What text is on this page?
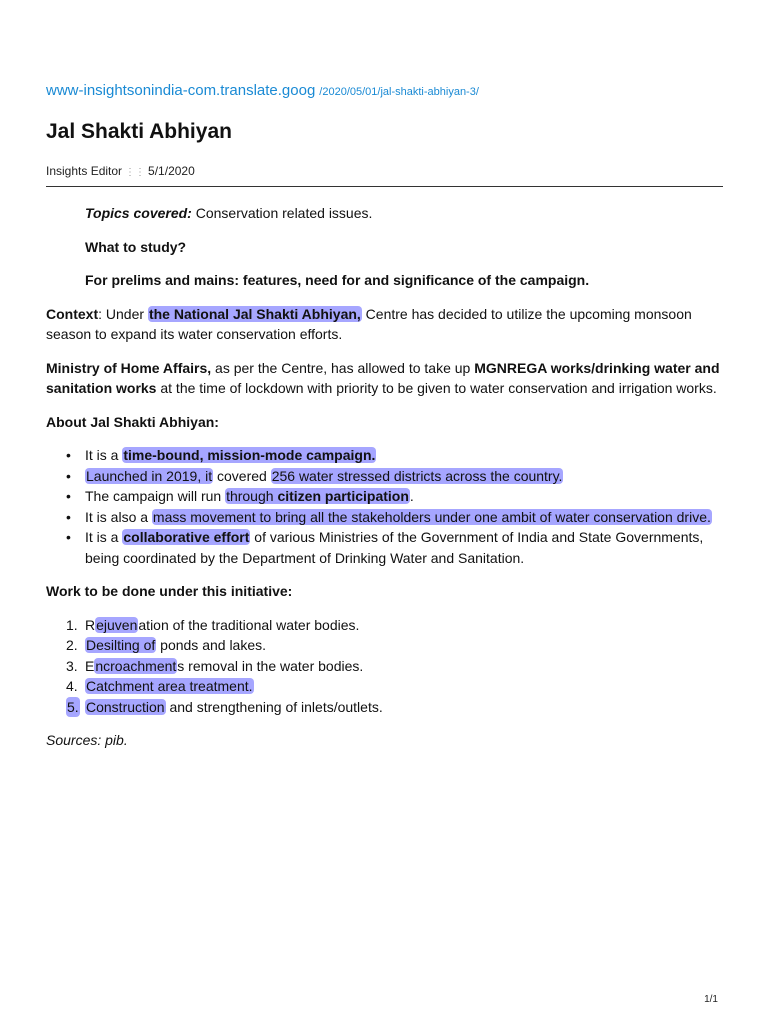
www-insightsonindia-com.translate.goog /2020/05/01/jal-shakti-abhiyan-3/
Jal Shakti Abhiyan
Insights Editor ⋮⋮ 5/1/2020
Topics covered: Conservation related issues.
What to study?
For prelims and mains: features, need for and significance of the campaign.
Context: Under the National Jal Shakti Abhiyan, Centre has decided to utilize the upcoming monsoon season to expand its water conservation efforts.
Ministry of Home Affairs, as per the Centre, has allowed to take up MGNREGA works/drinking water and sanitation works at the time of lockdown with priority to be given to water conservation and irrigation works.
About Jal Shakti Abhiyan:
• It is a time-bound, mission-mode campaign.
• Launched in 2019, it covered 256 water stressed districts across the country.
• The campaign will run through citizen participation.
• It is also a mass movement to bring all the stakeholders under one ambit of water conservation drive.
• It is a collaborative effort of various Ministries of the Government of India and State Governments, being coordinated by the Department of Drinking Water and Sanitation.
Work to be done under this initiative:
1. Rejuvenation of the traditional water bodies.
2. Desilting of ponds and lakes.
3. Encroachments removal in the water bodies.
4. Catchment area treatment.
5. Construction and strengthening of inlets/outlets.
Sources: pib.
1/1
